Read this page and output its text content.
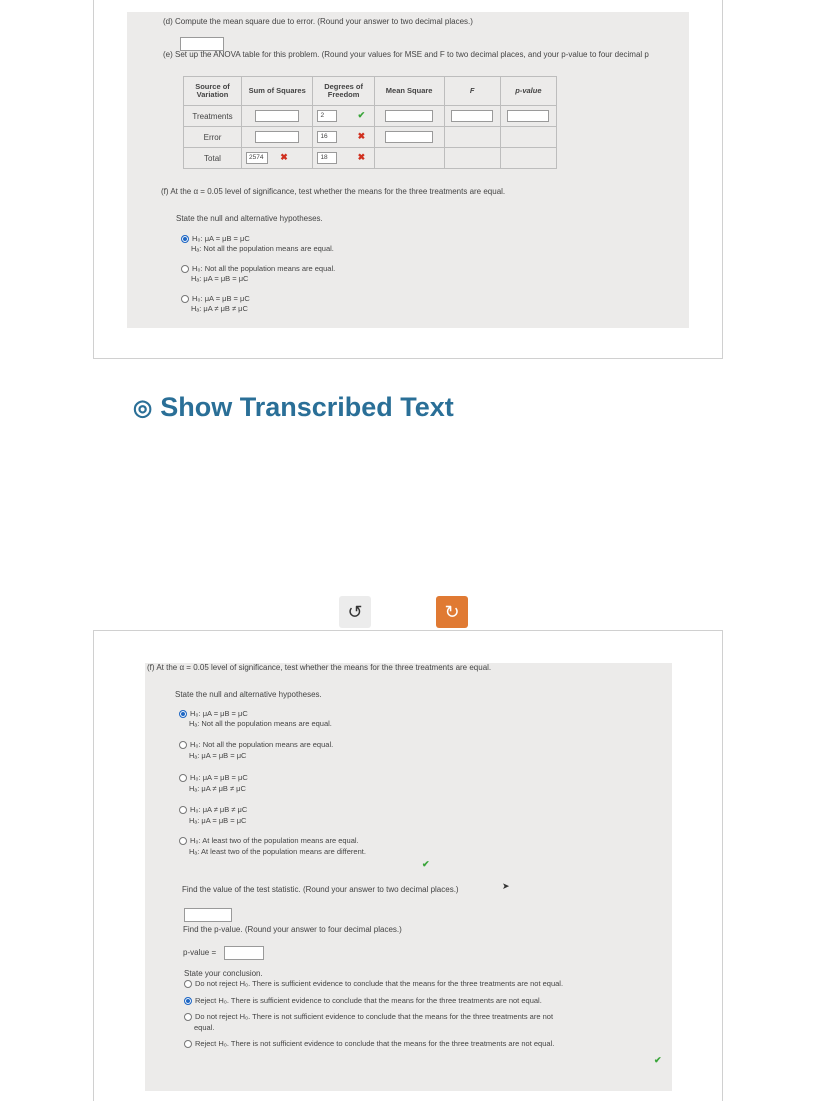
(d) Compute the mean square due to error. (Round your answer to two decimal places.)
(e) Set up the ANOVA table for this problem. (Round your values for MSE and F to two decimal places, and your p-value to four decimal p
Source of Variation	Sum of Squares	Degrees of Freedom	Mean Square	F	p-value
Treatments		2 ✔			
Error		16 ✖			
Total	2574 ✖	18 ✖			
(f) At the α = 0.05 level of significance, test whether the means for the three treatments are equal.
State the null and alternative hypotheses.
H₀: μA = μB = μC
Hₐ: Not all the population means are equal.
H₀: Not all the population means are equal.
Hₐ: μA = μB = μC
H₀: μA = μB = μC
Hₐ: μA ≠ μB ≠ μC
◎ Show Transcribed Text
↺	↻
(f) At the α = 0.05 level of significance, test whether the means for the three treatments are equal.
State the null and alternative hypotheses.
H₀: μA = μB = μC
Hₐ: Not all the population means are equal.
H₀: Not all the population means are equal.
Hₐ: μA = μB = μC
H₀: μA = μB = μC
Hₐ: μA ≠ μB ≠ μC
H₀: μA ≠ μB ≠ μC
Hₐ: μA = μB = μC
H₀: At least two of the population means are equal.
Hₐ: At least two of the population means are different.
✔
Find the value of the test statistic. (Round your answer to two decimal places.)	➤
Find the p-value. (Round your answer to four decimal places.)
p-value =
State your conclusion.
Do not reject H₀. There is sufficient evidence to conclude that the means for the three treatments are not equal.
Reject H₀. There is sufficient evidence to conclude that the means for the three treatments are not equal.
Do not reject H₀. There is not sufficient evidence to conclude that the means for the three treatments are not
equal.
Reject H₀. There is not sufficient evidence to conclude that the means for the three treatments are not equal.
✔
